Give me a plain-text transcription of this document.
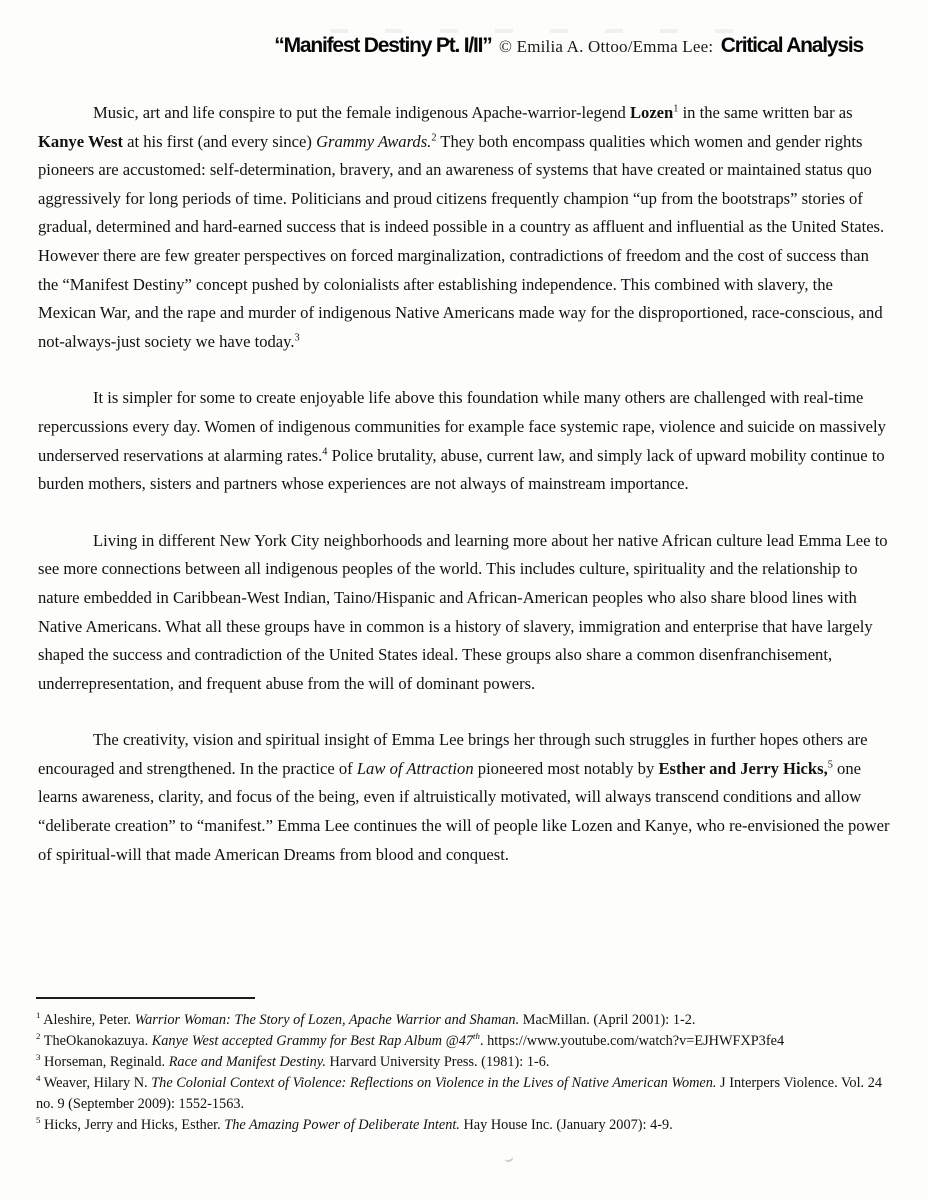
“Manifest Destiny Pt. I/II” © Emilia A. Ottoo/Emma Lee: Critical Analysis

Music, art and life conspire to put the female indigenous Apache-warrior-legend Lozen$^1$ in the same written bar as Kanye West at his first (and every since) Grammy Awards.$^2$ They both encompass qualities which women and gender rights pioneers are accustomed: self-determination, bravery, and an awareness of systems that have created or maintained status quo aggressively for long periods of time. Politicians and proud citizens frequently champion “up from the bootstraps” stories of gradual, determined and hard-earned success that is indeed possible in a country as affluent and influential as the United States. However there are few greater perspectives on forced marginalization, contradictions of freedom and the cost of success than the “Manifest Destiny” concept pushed by colonialists after establishing independence. This combined with slavery, the Mexican War, and the rape and murder of indigenous Native Americans made way for the disproportioned, race-conscious, and not-always-just society we have today.$^3$

It is simpler for some to create enjoyable life above this foundation while many others are challenged with real-time repercussions every day. Women of indigenous communities for example face systemic rape, violence and suicide on massively underserved reservations at alarming rates.$^4$ Police brutality, abuse, current law, and simply lack of upward mobility continue to burden mothers, sisters and partners whose experiences are not always of mainstream importance.

Living in different New York City neighborhoods and learning more about her native African culture lead Emma Lee to see more connections between all indigenous peoples of the world. This includes culture, spirituality and the relationship to nature embedded in Caribbean-West Indian, Taino/Hispanic and African-American peoples who also share blood lines with Native Americans. What all these groups have in common is a history of slavery, immigration and enterprise that have largely shaped the success and contradiction of the United States ideal. These groups also share a common disenfranchisement, underrepresentation, and frequent abuse from the will of dominant powers.

The creativity, vision and spiritual insight of Emma Lee brings her through such struggles in further hopes others are encouraged and strengthened. In the practice of Law of Attraction pioneered most notably by Esther and Jerry Hicks,$^5$ one learns awareness, clarity, and focus of the being, even if altruistically motivated, will always transcend conditions and allow “deliberate creation” to “manifest.” Emma Lee continues the will of people like Lozen and Kanye, who re-envisioned the power of spiritual-will that made American Dreams from blood and conquest.

$^1$ Aleshire, Peter. Warrior Woman: The Story of Lozen, Apache Warrior and Shaman. MacMillan. (April 2001): 1-2.
$^2$ TheOkanokazuya. Kanye West accepted Grammy for Best Rap Album @47th. https://www.youtube.com/watch?v=EJHWFXP3fe4
$^3$ Horseman, Reginald. Race and Manifest Destiny. Harvard University Press. (1981): 1-6.
$^4$ Weaver, Hilary N. The Colonial Context of Violence: Reflections on Violence in the Lives of Native American Women. J Interpers Violence. Vol. 24 no. 9 (September 2009): 1552-1563.
$^5$ Hicks, Jerry and Hicks, Esther. The Amazing Power of Deliberate Intent. Hay House Inc. (January 2007): 4-9.
